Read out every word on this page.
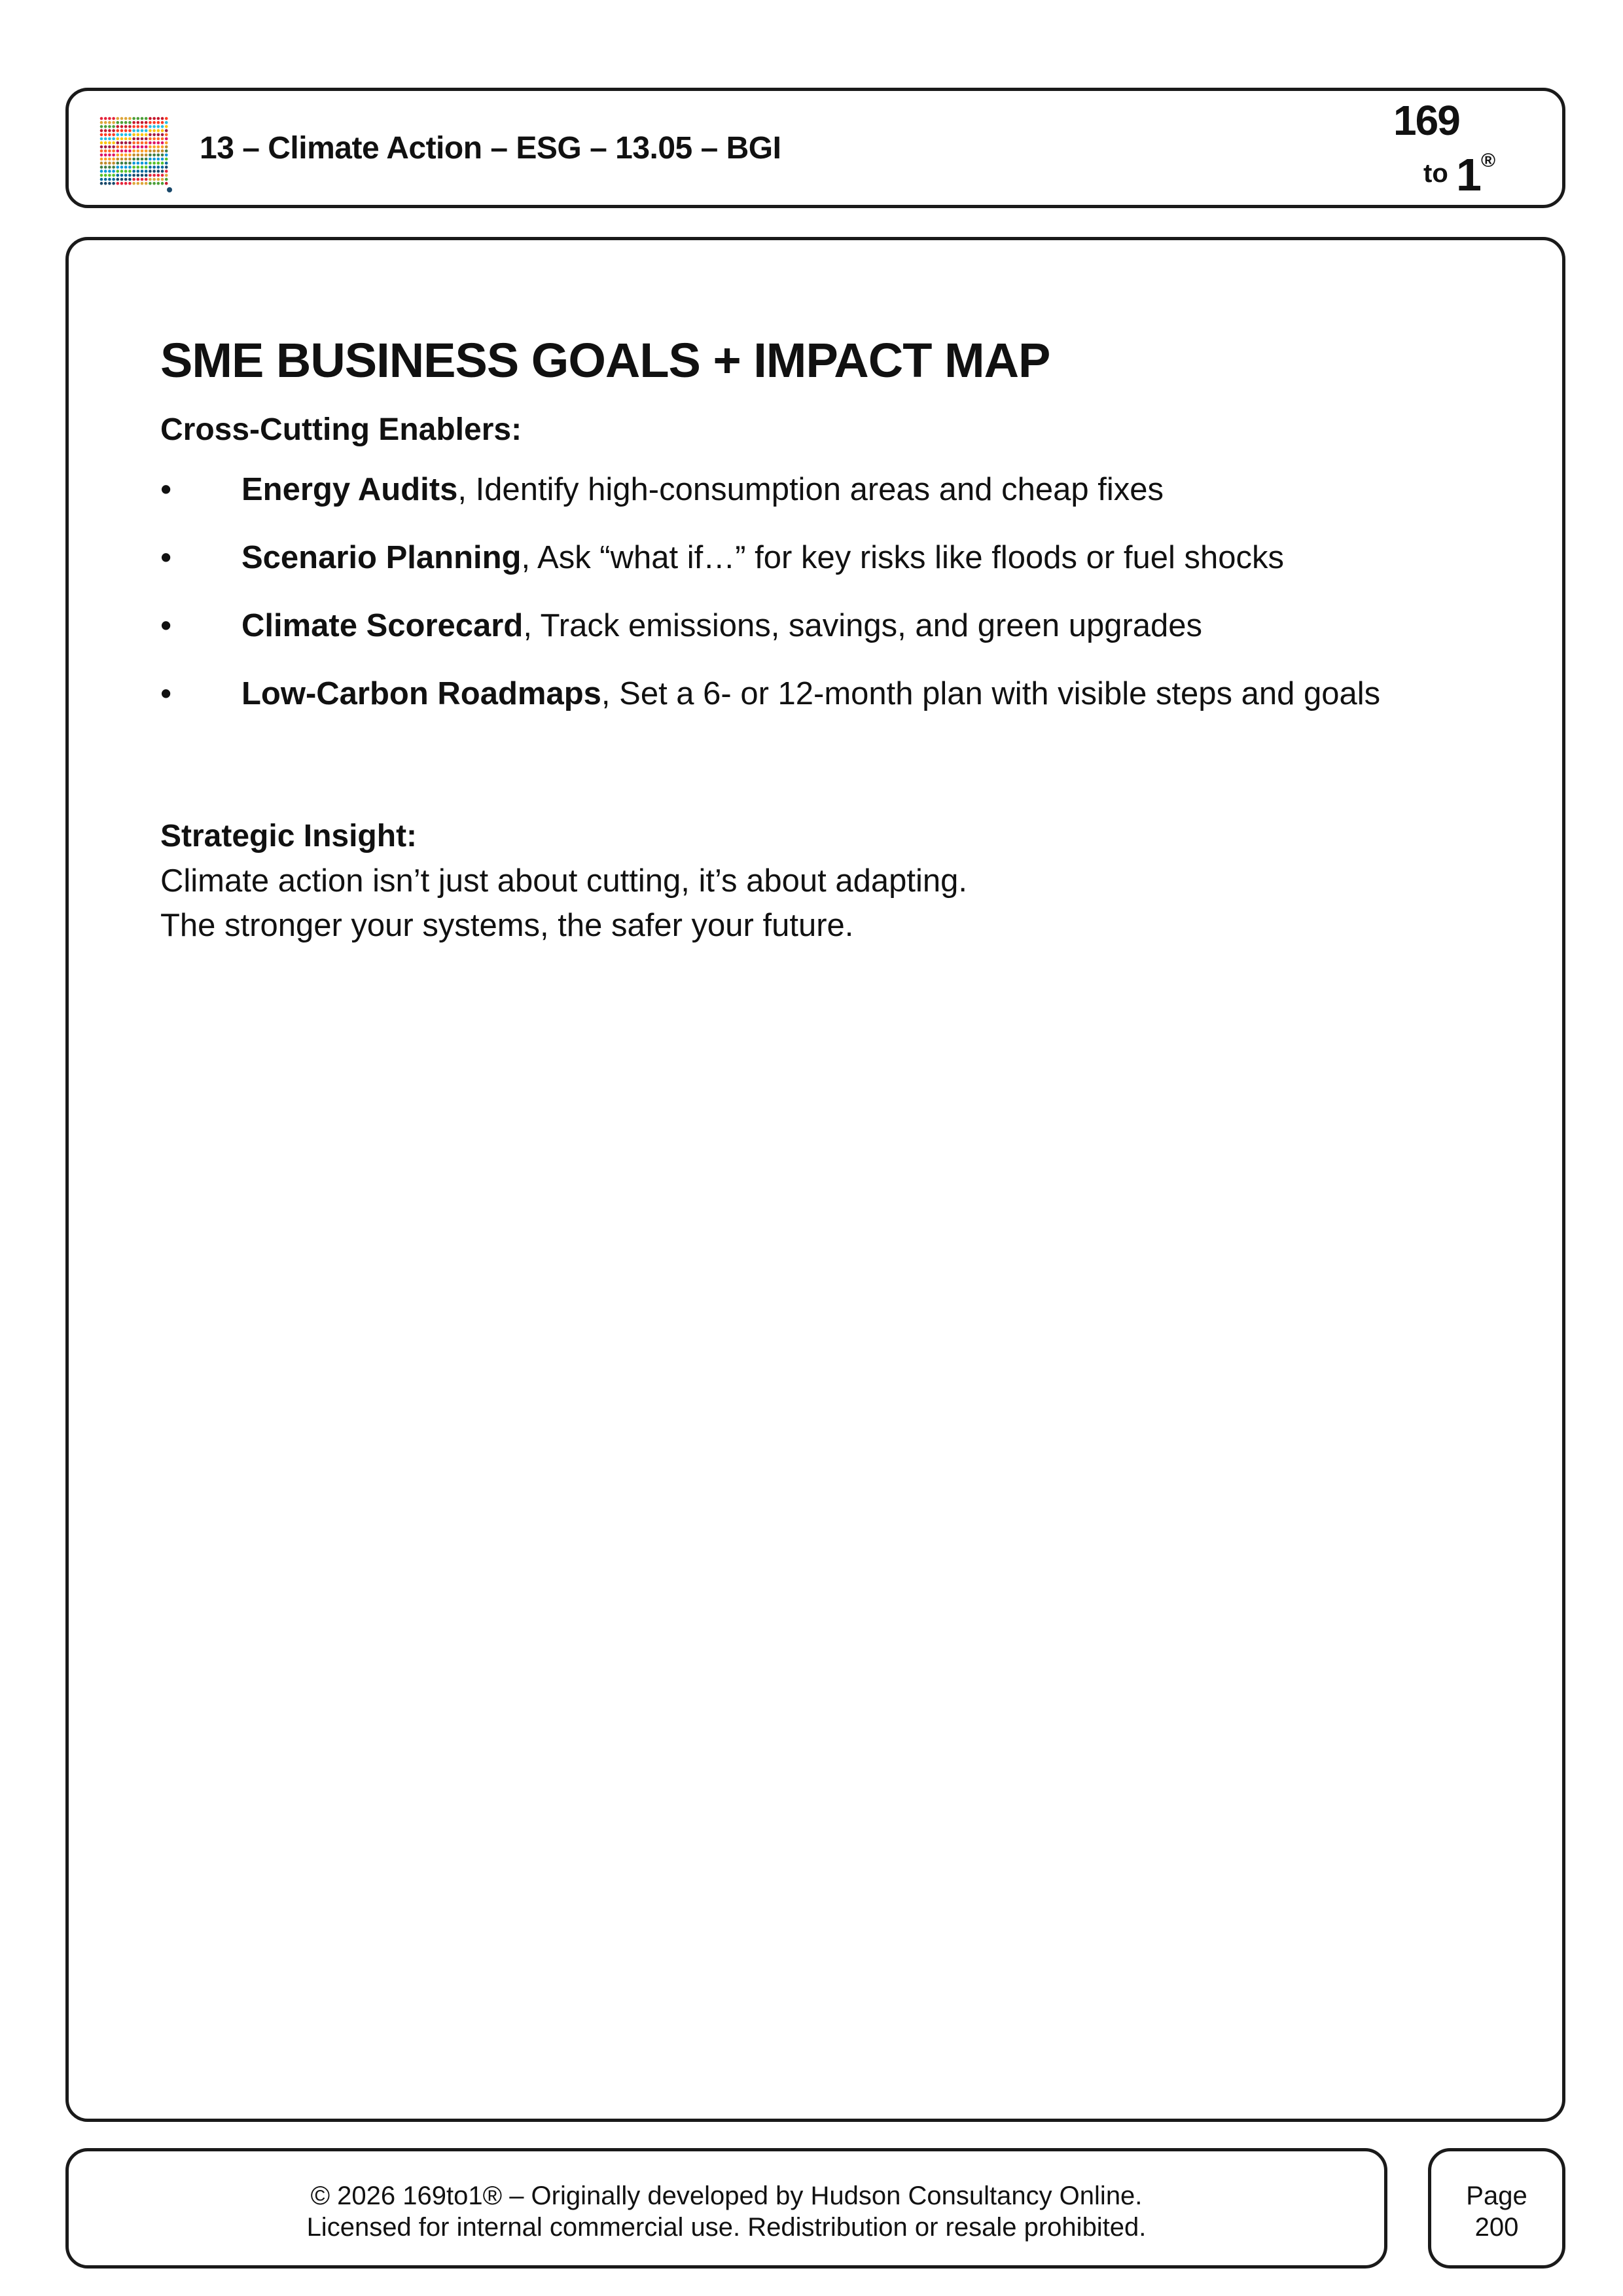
13 – Climate Action – ESG – 13.05 – BGI
169
to 1 ®
SME BUSINESS GOALS + IMPACT MAP
Cross-Cutting Enablers:
• Energy Audits, Identify high-consumption areas and cheap fixes
• Scenario Planning, Ask “what if…” for key risks like floods or fuel shocks
• Climate Scorecard, Track emissions, savings, and green upgrades
• Low-Carbon Roadmaps, Set a 6- or 12-month plan with visible steps and goals
Strategic Insight:
Climate action isn’t just about cutting, it’s about adapting.
The stronger your systems, the safer your future.
© 2026 169to1® – Originally developed by Hudson Consultancy Online.
Licensed for internal commercial use. Redistribution or resale prohibited.
Page
200
